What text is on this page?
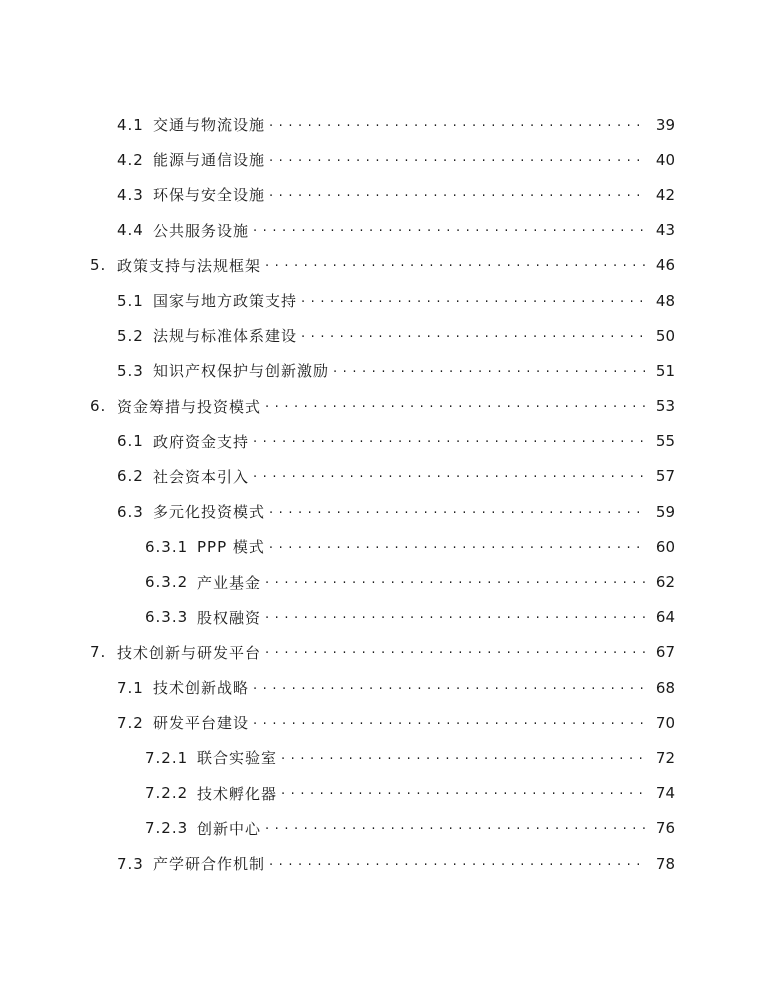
4.1 交通与物流设施 . . .	39
4.2 能源与通信设施 . . .	40
4.3 环保与安全设施 . . .	42
4.4 公共服务设施 . . .	43
5. 政策支持与法规框架 . . .	46
5.1 国家与地方政策支持 . . .	48
5.2 法规与标准体系建设 . . .	50
5.3 知识产权保护与创新激励 . . .	51
6. 资金筹措与投资模式 . . .	53
6.1 政府资金支持 . . .	55
6.2 社会资本引入 . . .	57
6.3 多元化投资模式 . . .	59
6.3.1 PPP 模式 . . .	60
6.3.2 产业基金 . . .	62
6.3.3 股权融资 . . .	64
7. 技术创新与研发平台 . . .	67
7.1 技术创新战略 . . .	68
7.2 研发平台建设 . . .	70
7.2.1 联合实验室 . . .	72
7.2.2 技术孵化器 . . .	74
7.2.3 创新中心 . . .	76
7.3 产学研合作机制 . . .	78
